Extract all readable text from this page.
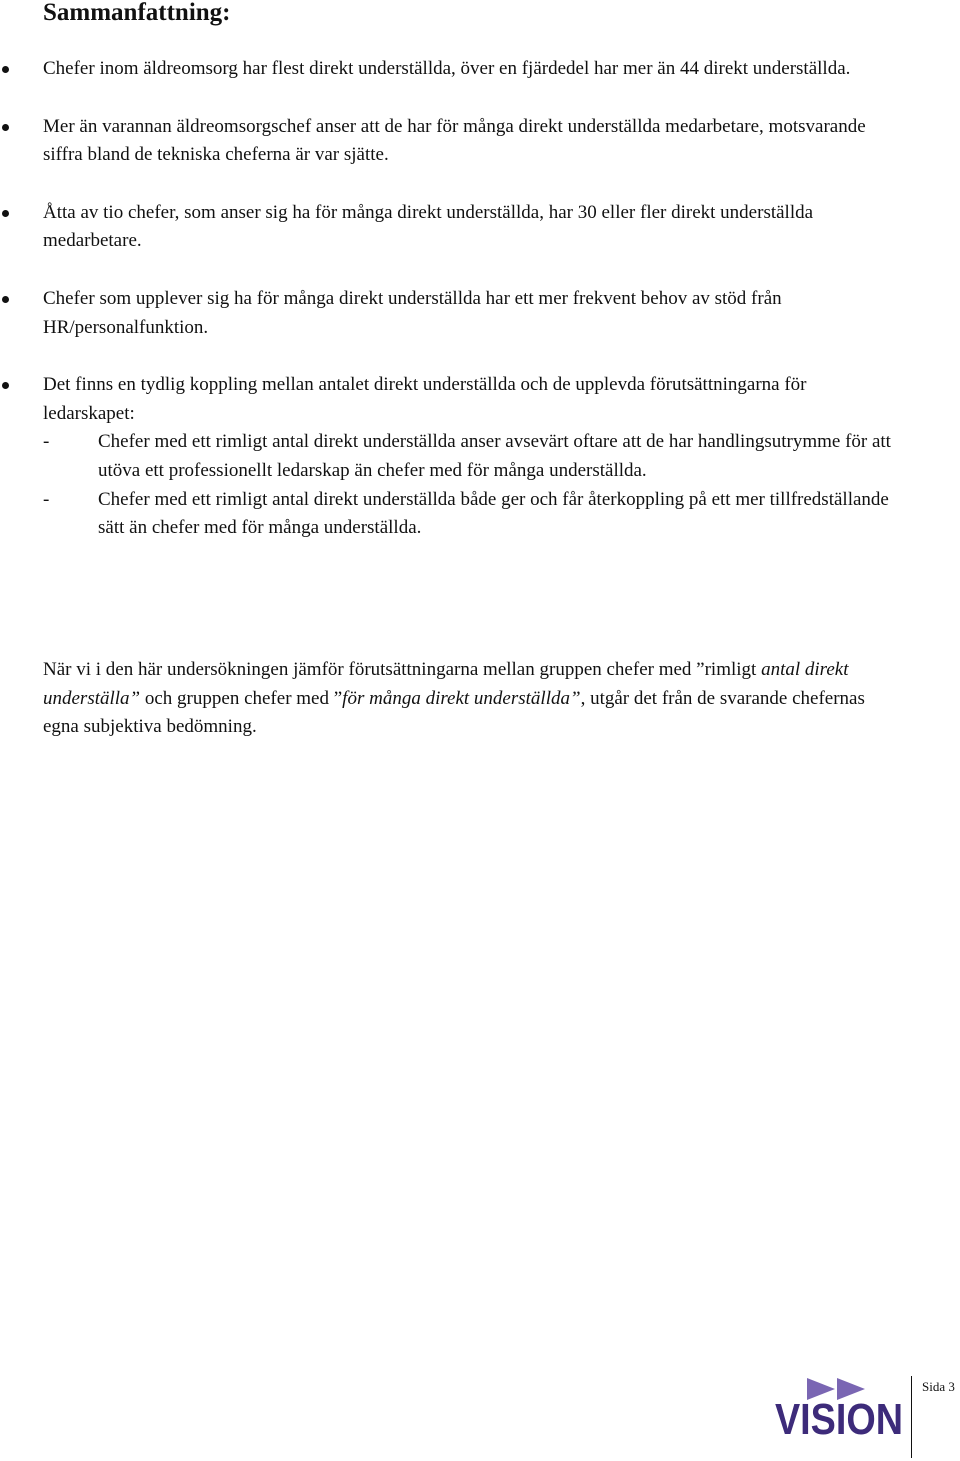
Sammanfattning:
Chefer inom äldreomsorg har flest direkt underställda, över en fjärdedel har mer än 44 direkt underställda.
Mer än varannan äldreomsorgschef anser att de har för många direkt underställda medarbetare, motsvarande siffra bland de tekniska cheferna är var sjätte.
Åtta av tio chefer, som anser sig ha för många direkt underställda, har 30 eller fler direkt underställda medarbetare.
Chefer som upplever sig ha för många direkt underställda har ett mer frekvent behov av stöd från HR/personalfunktion.
Det finns en tydlig koppling mellan antalet direkt underställda och de upplevda förutsättningarna för ledarskapet:
-	Chefer med ett rimligt antal direkt underställda anser avsevärt oftare att de har handlingsutrymme för att utöva ett professionellt ledarskap än chefer med för många underställda.
-	Chefer med ett rimligt antal direkt underställda både ger och får återkoppling på ett mer tillfredställande sätt än chefer med för många underställda.

När vi i den här undersökningen jämför förutsättningarna mellan gruppen chefer med ”rimligt antal direkt underställa” och gruppen chefer med ”för många direkt underställda”, utgår det från de svarande chefernas egna subjektiva bedömning.

VISION
Sida 3
